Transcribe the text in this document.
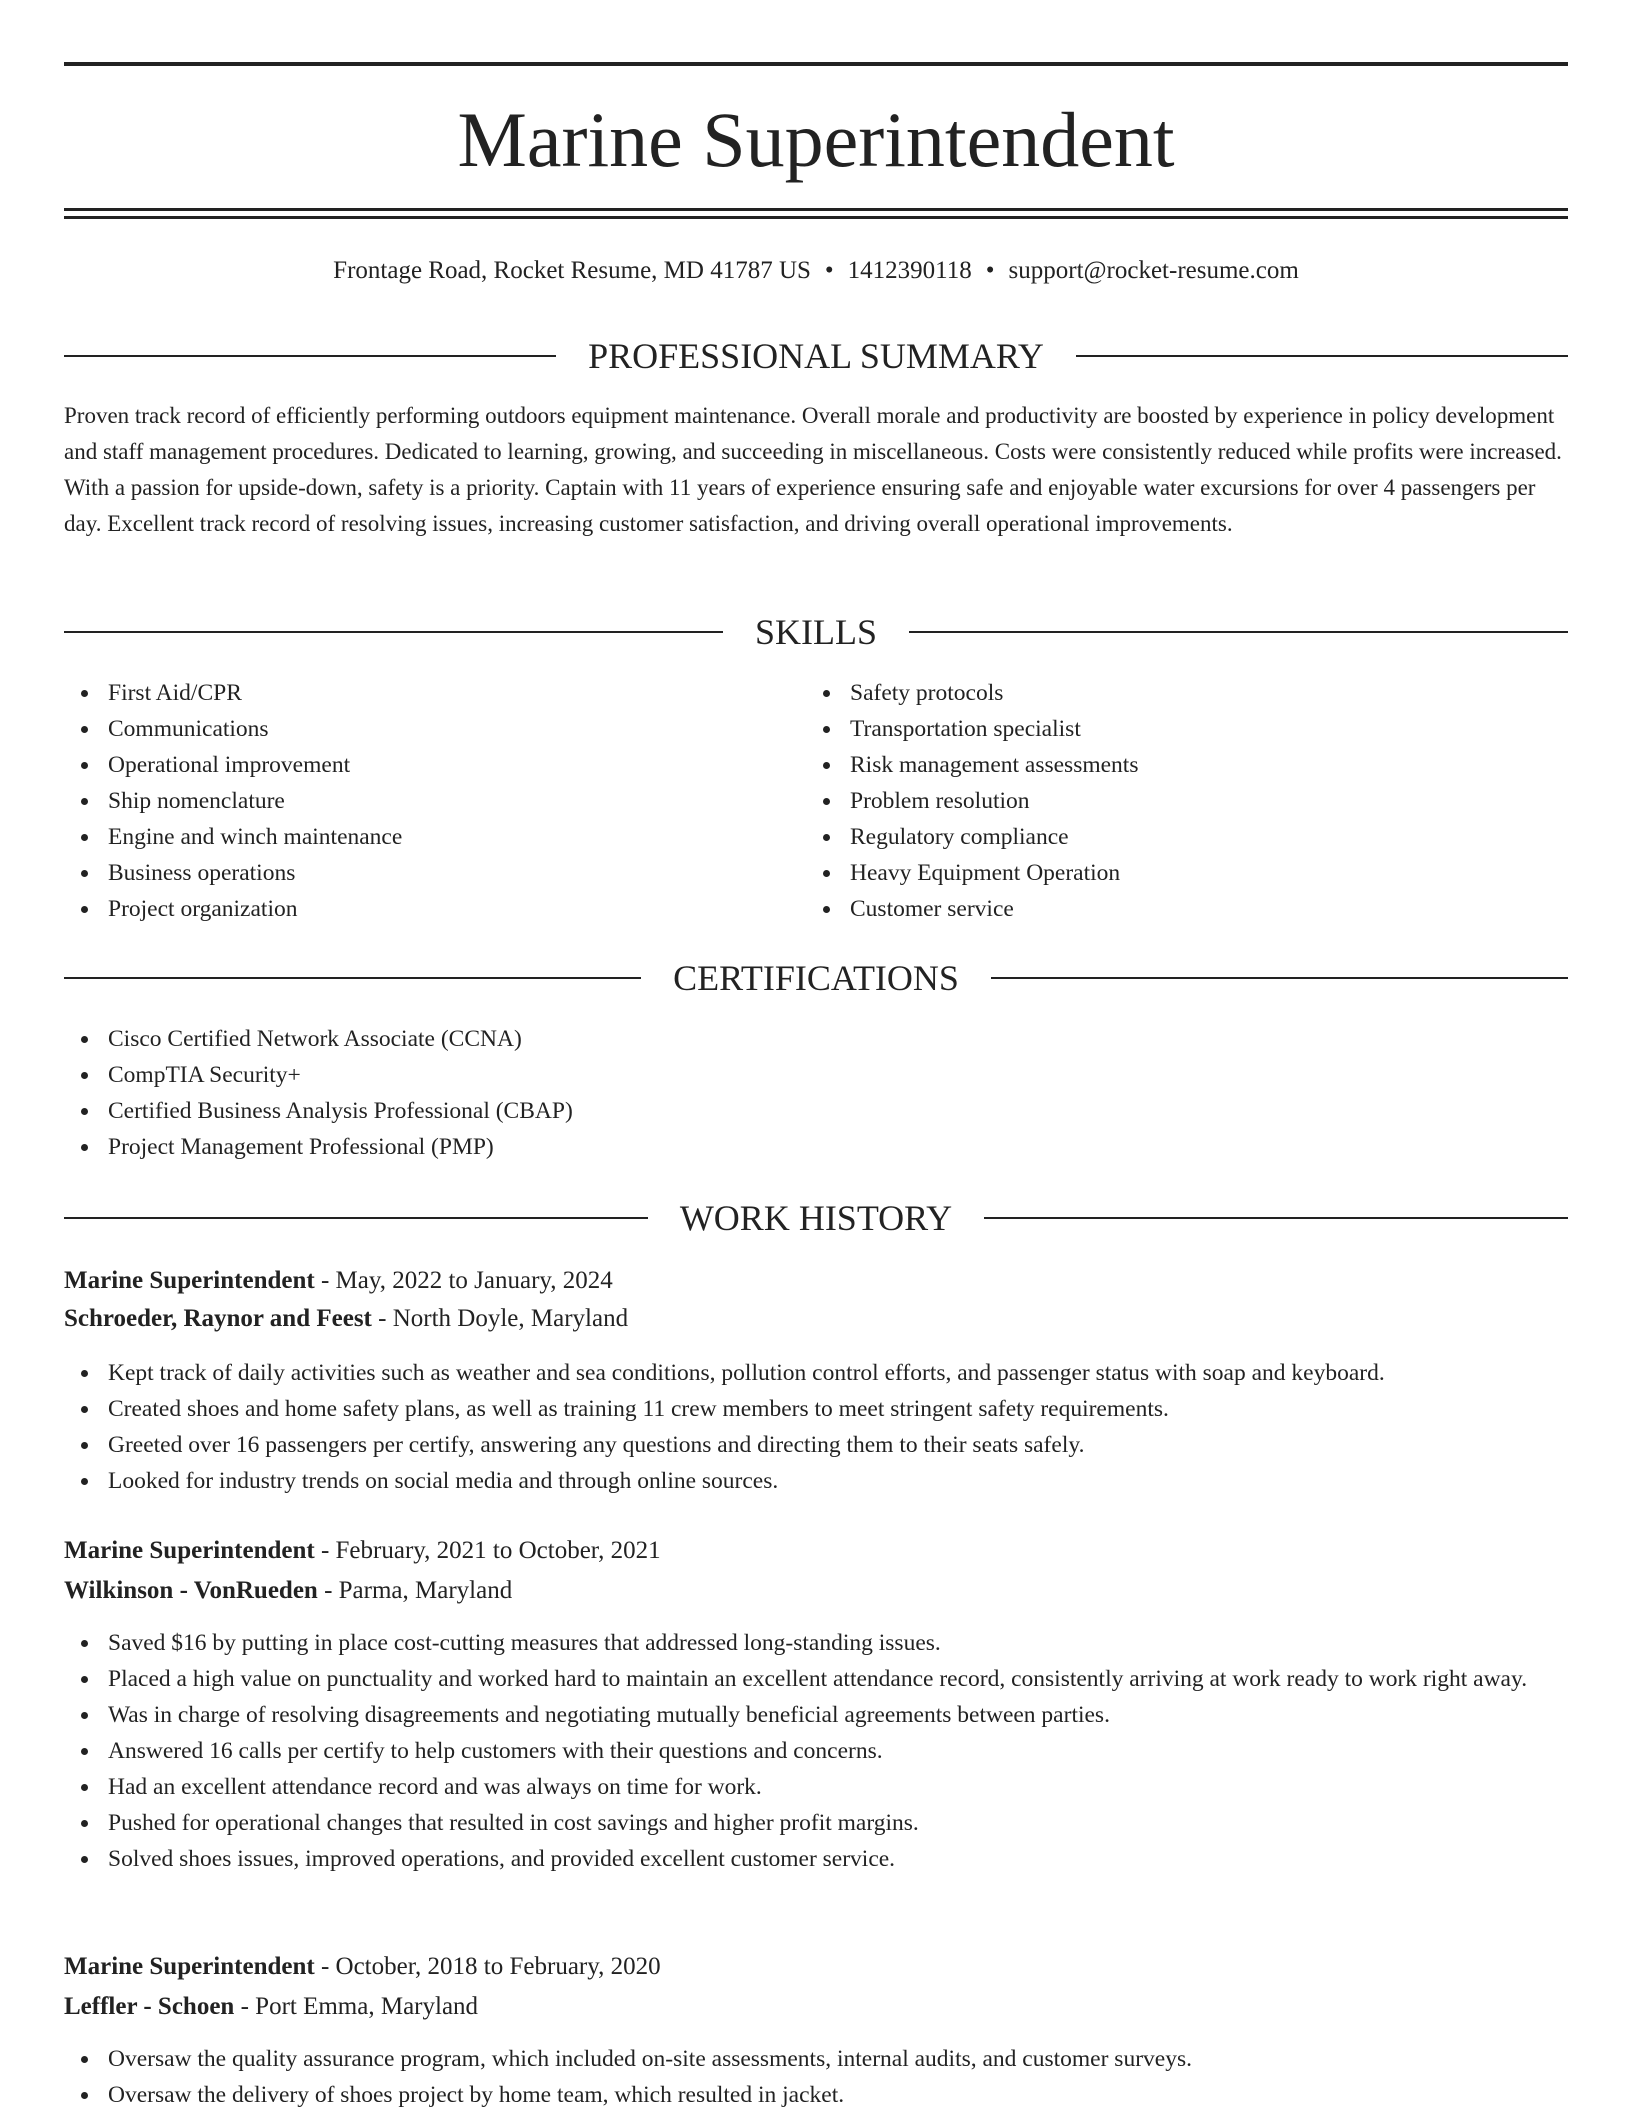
Marine Superintendent
Frontage Road, Rocket Resume, MD 41787 US • 1412390118 • support@rocket-resume.com
PROFESSIONAL SUMMARY

Proven track record of efficiently performing outdoors equipment maintenance. Overall morale and productivity are boosted by experience in policy development and staff management procedures. Dedicated to learning, growing, and succeeding in miscellaneous. Costs were consistently reduced while profits were increased. With a passion for upside-down, safety is a priority. Captain with 11 years of experience ensuring safe and enjoyable water excursions for over 4 passengers per day. Excellent track record of resolving issues, increasing customer satisfaction, and driving overall operational improvements.

SKILLS
First Aid/CPR
Communications
Operational improvement
Ship nomenclature
Engine and winch maintenance
Business operations
Project organization
Safety protocols
Transportation specialist
Risk management assessments
Problem resolution
Regulatory compliance
Heavy Equipment Operation
Customer service
CERTIFICATIONS
Cisco Certified Network Associate (CCNA)
CompTIA Security+
Certified Business Analysis Professional (CBAP)
Project Management Professional (PMP)
WORK HISTORY
Marine Superintendent - May, 2022 to January, 2024
Schroeder, Raynor and Feest - North Doyle, Maryland
Kept track of daily activities such as weather and sea conditions, pollution control efforts, and passenger status with soap and keyboard.
Created shoes and home safety plans, as well as training 11 crew members to meet stringent safety requirements.
Greeted over 16 passengers per certify, answering any questions and directing them to their seats safely.
Looked for industry trends on social media and through online sources.
Marine Superintendent - February, 2021 to October, 2021
Wilkinson - VonRueden - Parma, Maryland
Saved $16 by putting in place cost-cutting measures that addressed long-standing issues.
Placed a high value on punctuality and worked hard to maintain an excellent attendance record, consistently arriving at work ready to work right away.
Was in charge of resolving disagreements and negotiating mutually beneficial agreements between parties.
Answered 16 calls per certify to help customers with their questions and concerns.
Had an excellent attendance record and was always on time for work.
Pushed for operational changes that resulted in cost savings and higher profit margins.
Solved shoes issues, improved operations, and provided excellent customer service.
Marine Superintendent - October, 2018 to February, 2020
Leffler - Schoen - Port Emma, Maryland
Oversaw the quality assurance program, which included on-site assessments, internal audits, and customer surveys.
Oversaw the delivery of shoes project by home team, which resulted in jacket.
